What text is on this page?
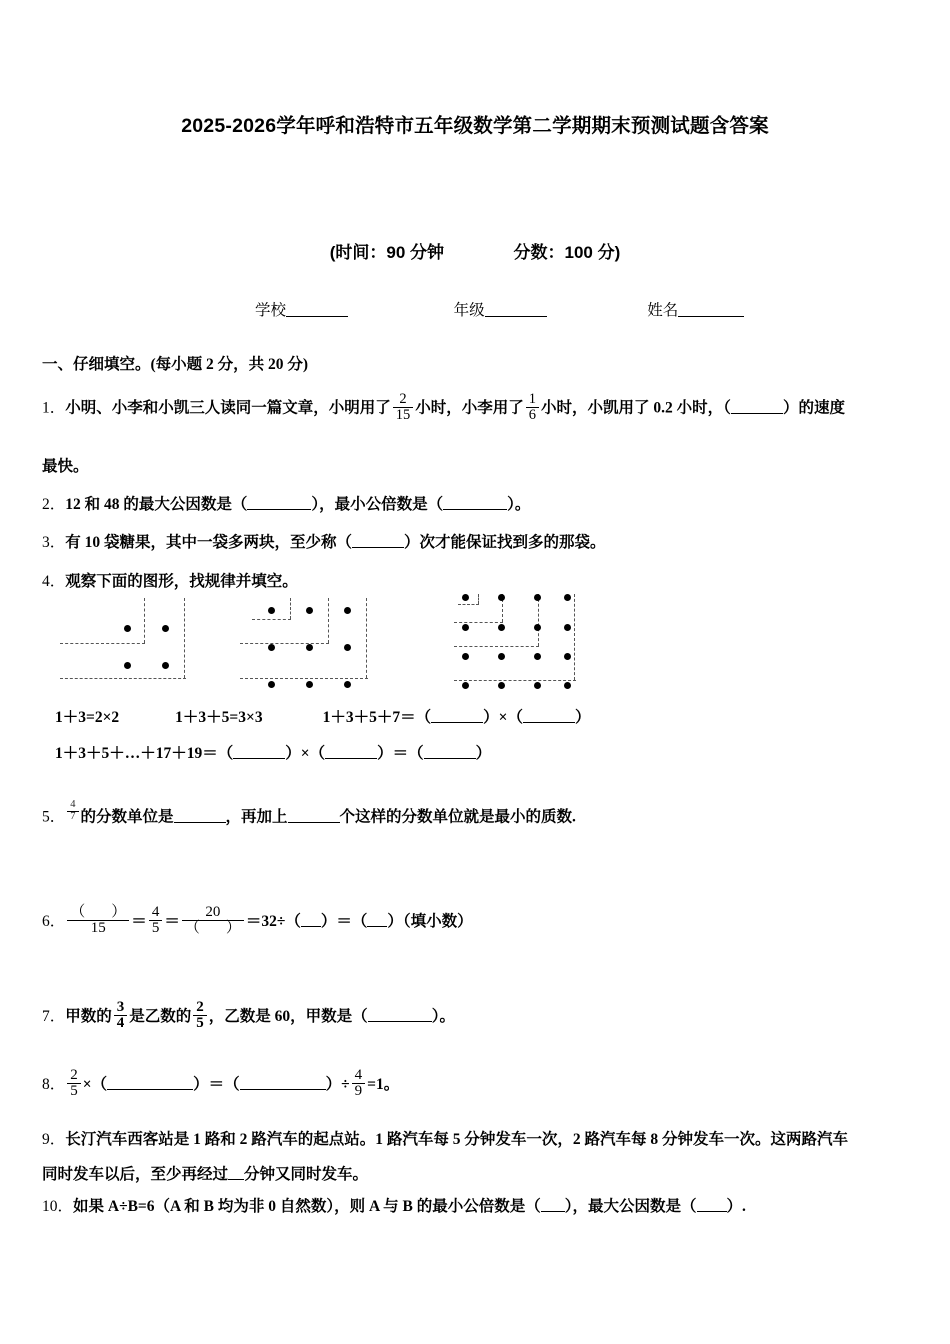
2025-2026学年呼和浩特市五年级数学第二学期期末预测试题含答案
(时间：90 分钟	分数：100 分)
学校	年级	姓名
一、仔细填空。(每小题 2 分，共 20 分)
1．小明、小李和小凯三人读同一篇文章，小明用了 $\frac{2}{15}$ 小时，小李用了 $\frac{1}{6}$ 小时，小凯用了 0.2 小时，（	）的速度
最快。
2．12 和 48 的最大公因数是（	），最小公倍数是（	）。
3．有 10 袋糖果，其中一袋多两块，至少称（	）次才能保证找到多的那袋。
4．观察下面的图形，找规律并填空。
1＋3=2×2	1＋3＋5=3×3	1＋3＋5＋7＝（	）×（	）
1＋3＋5＋…＋17＋19＝（	）×（	）＝（	）
5． $\frac{4}{7}$ 的分数单位是	，再加上	个这样的分数单位就是最小的质数.
6． $\frac{( )}{15} = \frac{4}{5} = \frac{20}{( )} =32\div$（ ）＝（ ）（填小数）
7．甲数的 $\frac{3}{4}$ 是乙数的 $\frac{2}{5}$ ，乙数是 60，甲数是（	）。
8． $\frac{2}{5}$ ×（	）＝（	）÷ $\frac{4}{9} =1$。
9．长汀汽车西客站是 1 路和 2 路汽车的起点站。1 路汽车每 5 分钟发车一次，2 路汽车每 8 分钟发车一次。这两路汽车
同时发车以后，至少再经过 分钟又同时发车。
10．如果 A÷B=6（A 和 B 均为非 0 自然数），则 A 与 B 的最小公倍数是（ ），最大公因数是（ ）.
